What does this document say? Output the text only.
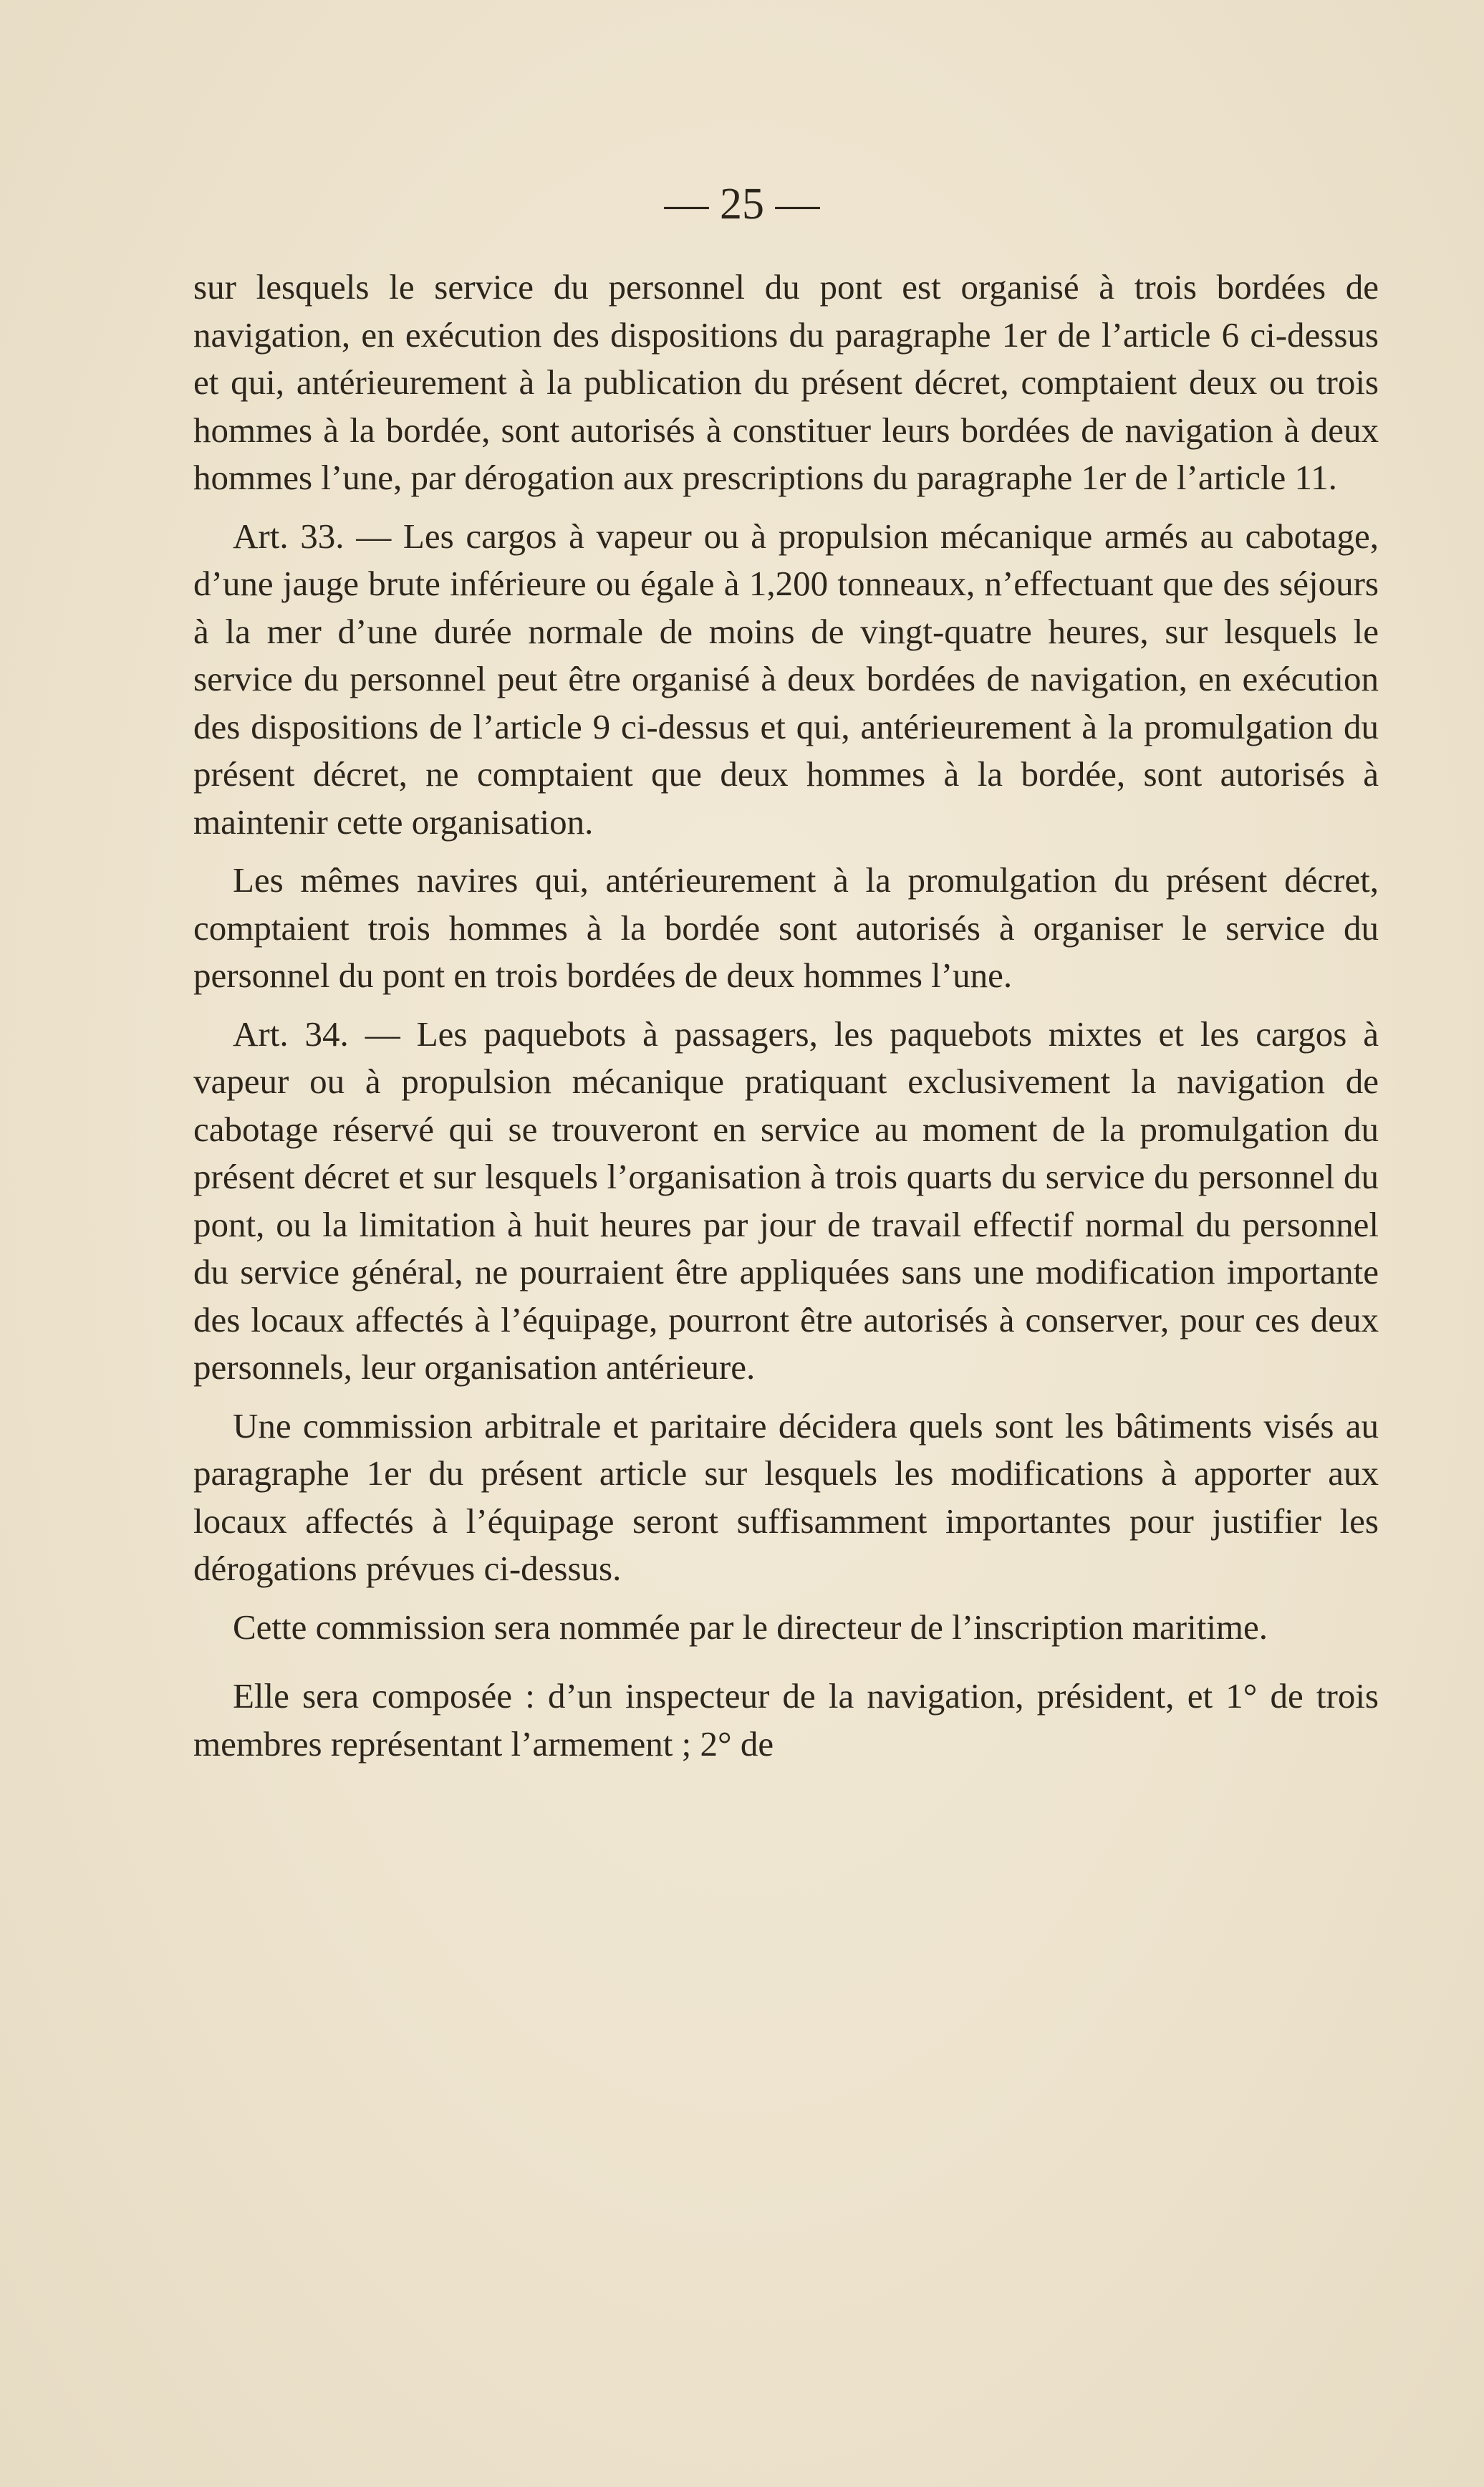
— 25 —

sur lesquels le service du personnel du pont est organisé à trois bordées de navigation, en exécution des dispositions du paragraphe 1er de l’article 6 ci-dessus et qui, antérieurement à la publication du présent décret, comptaient deux ou trois hommes à la bordée, sont autorisés à constituer leurs bordées de navigation à deux hommes l’une, par dérogation aux prescriptions du paragraphe 1er de l’article 11.

Art. 33. — Les cargos à vapeur ou à propulsion mécanique armés au cabotage, d’une jauge brute inférieure ou égale à 1,200 tonneaux, n’effectuant que des séjours à la mer d’une durée normale de moins de vingt-quatre heures, sur lesquels le service du personnel peut être organisé à deux bordées de navigation, en exécution des dispositions de l’article 9 ci-dessus et qui, antérieurement à la promulgation du présent décret, ne comptaient que deux hommes à la bordée, sont autorisés à maintenir cette organisation.

Les mêmes navires qui, antérieurement à la promulgation du présent décret, comptaient trois hommes à la bordée sont autorisés à organiser le service du personnel du pont en trois bordées de deux hommes l’une.

Art. 34. — Les paquebots à passagers, les paquebots mixtes et les cargos à vapeur ou à propulsion mécanique pratiquant exclusivement la navigation de cabotage réservé qui se trouveront en service au moment de la promulgation du présent décret et sur lesquels l’organisation à trois quarts du service du personnel du pont, ou la limitation à huit heures par jour de travail effectif normal du personnel du service général, ne pourraient être appliquées sans une modification importante des locaux affectés à l’équipage, pourront être autorisés à conserver, pour ces deux personnels, leur organisation antérieure.

Une commission arbitrale et paritaire décidera quels sont les bâtiments visés au paragraphe 1er du présent article sur lesquels les modifications à apporter aux locaux affectés à l’équipage seront suffisamment importantes pour justifier les dérogations prévues ci-dessus.

Cette commission sera nommée par le directeur de l’inscription maritime.

Elle sera composée : d’un inspecteur de la navigation, président, et 1° de trois membres représentant l’armement ; 2° de
